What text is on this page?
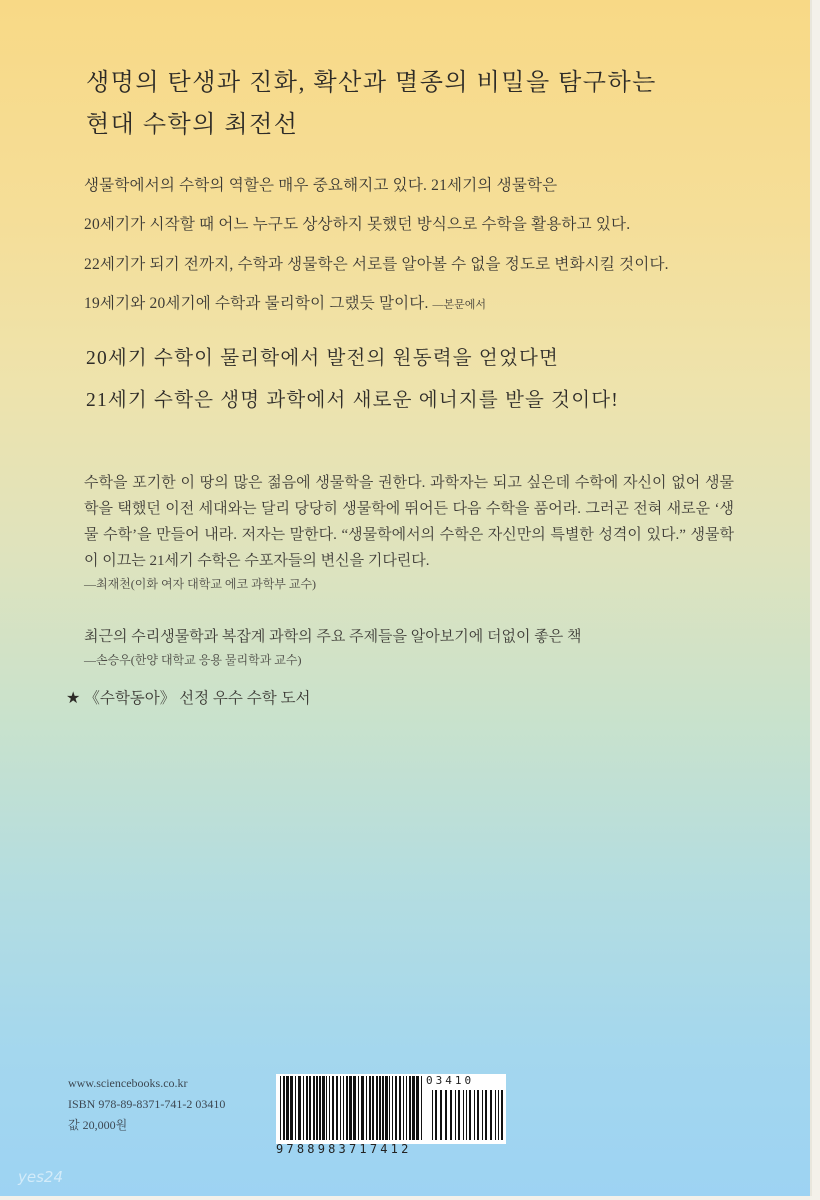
생명의 탄생과 진화, 확산과 멸종의 비밀을 탐구하는
현대 수학의 최전선

생물학에서의 수학의 역할은 매우 중요해지고 있다. 21세기의 생물학은
20세기가 시작할 때 어느 누구도 상상하지 못했던 방식으로 수학을 활용하고 있다.
22세기가 되기 전까지, 수학과 생물학은 서로를 알아볼 수 없을 정도로 변화시킬 것이다.
19세기와 20세기에 수학과 물리학이 그랬듯 말이다. —본문에서

20세기 수학이 물리학에서 발전의 원동력을 얻었다면
21세기 수학은 생명 과학에서 새로운 에너지를 받을 것이다!

수학을 포기한 이 땅의 많은 젊음에 생물학을 권한다. 과학자는 되고 싶은데 수학에 자신이 없어 생물학을 택했던 이전 세대와는 달리 당당히 생물학에 뛰어든 다음 수학을 품어라. 그러곤 전혀 새로운 ‘생물 수학’을 만들어 내라. 저자는 말한다. “생물학에서의 수학은 자신만의 특별한 성격이 있다.” 생물학이 이끄는 21세기 수학은 수포자들의 변신을 기다린다.
—최재천(이화 여자 대학교 에코 과학부 교수)
최근의 수리생물학과 복잡계 과학의 주요 주제들을 알아보기에 더없이 좋은 책
—손승우(한양 대학교 응용 물리학과 교수)
★ 《수학동아》 선정 우수 수학 도서
www.sciencebooks.co.kr
ISBN 978-89-8371-741-2 03410
값 20,000원
03410
9788983717412
yes24
